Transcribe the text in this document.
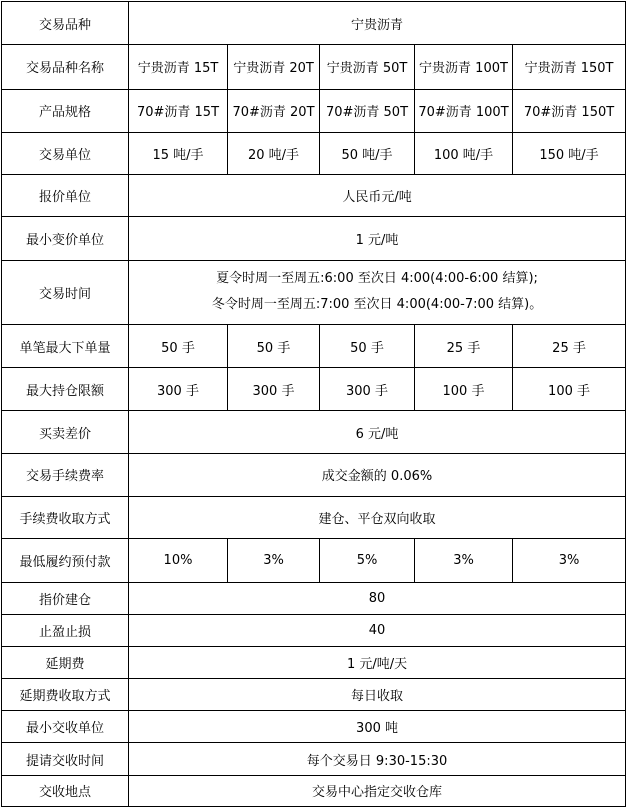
交易品种	宁贵沥青				
交易品种名称	宁贵沥青 15T	宁贵沥青 20T	宁贵沥青 50T	宁贵沥青 100T	宁贵沥青 150T
产品规格	70#沥青 15T	70#沥青 20T	70#沥青 50T	70#沥青 100T	70#沥青 150T
交易单位	15 吨/手	20 吨/手	50 吨/手	100 吨/手	150 吨/手
报价单位	人民币元/吨				
最小变价单位	1 元/吨				
交易时间	夏令时周一至周五:6:00 至次日 4:00(4:00-6:00 结算);
冬令时周一至周五:7:00 至次日 4:00(4:00-7:00 结算)。				

单笔最大下单量	50 手	50 手	50 手	25 手	25 手
最大持仓限额	300 手	300 手	300 手	100 手	100 手
买卖差价	6 元/吨				
交易手续费率	成交金额的 0.06%				
手续费收取方式	建仓、平仓双向收取				
最低履约预付款	10%	3%	5%	3%	3%
指价建仓	80				
止盈止损	40				
延期费	1 元/吨/天				
延期费收取方式	每日收取				
最小交收单位	300 吨				
提请交收时间	每个交易日 9:30-15:30				
交收地点	交易中心指定交收仓库				
